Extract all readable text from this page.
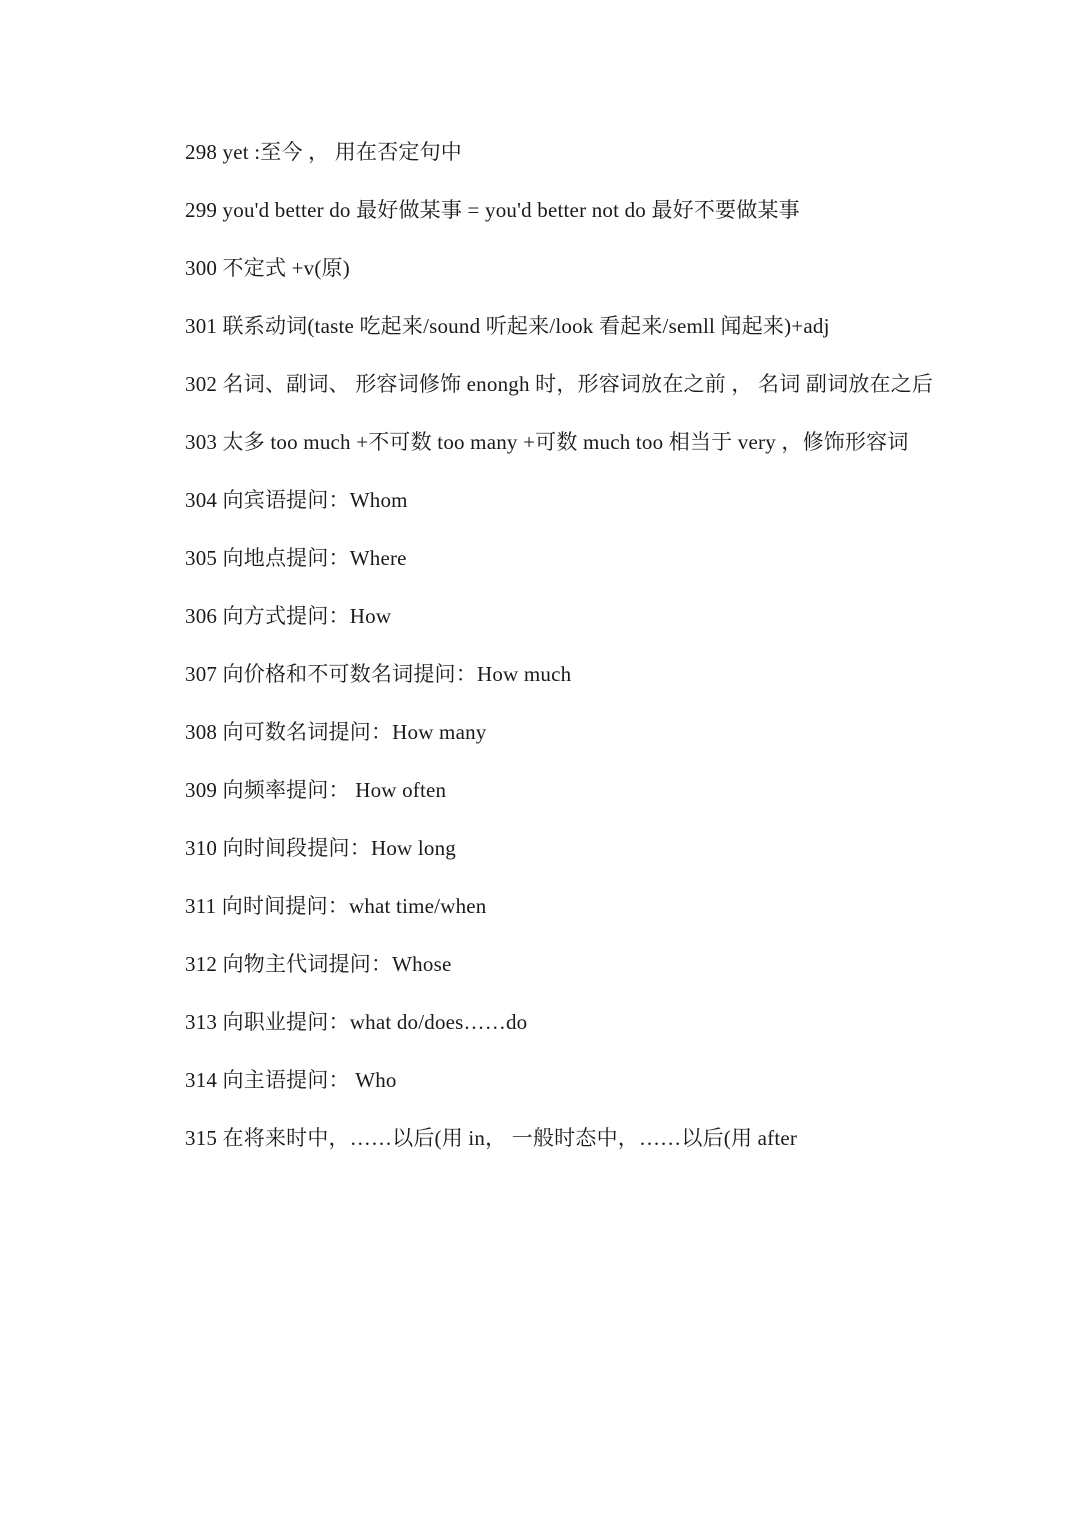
298 yet :至今 ， 用在否定句中

299 you'd better do 最好做某事 = you'd better not do 最好不要做某事

300 不定式 +v(原)

301 联系动词(taste 吃起来/sound 听起来/look 看起来/semll 闻起来)+adj

302 名词、副词、 形容词修饰 enongh 时，形容词放在之前 ， 名词 副词放在之后

303 太多 too much +不可数 too many +可数 much too 相当于 very ，修饰形容词

304 向宾语提问：Whom

305 向地点提问：Where

306 向方式提问：How

307 向价格和不可数名词提问：How much

308 向可数名词提问：How many

309 向频率提问： How often

310 向时间段提问：How long

311 向时间提问：what time/when

312 向物主代词提问：Whose

313 向职业提问：what do/does……do

314 向主语提问： Who

315 在将来时中，……以后(用 in， 一般时态中，……以后(用 after
